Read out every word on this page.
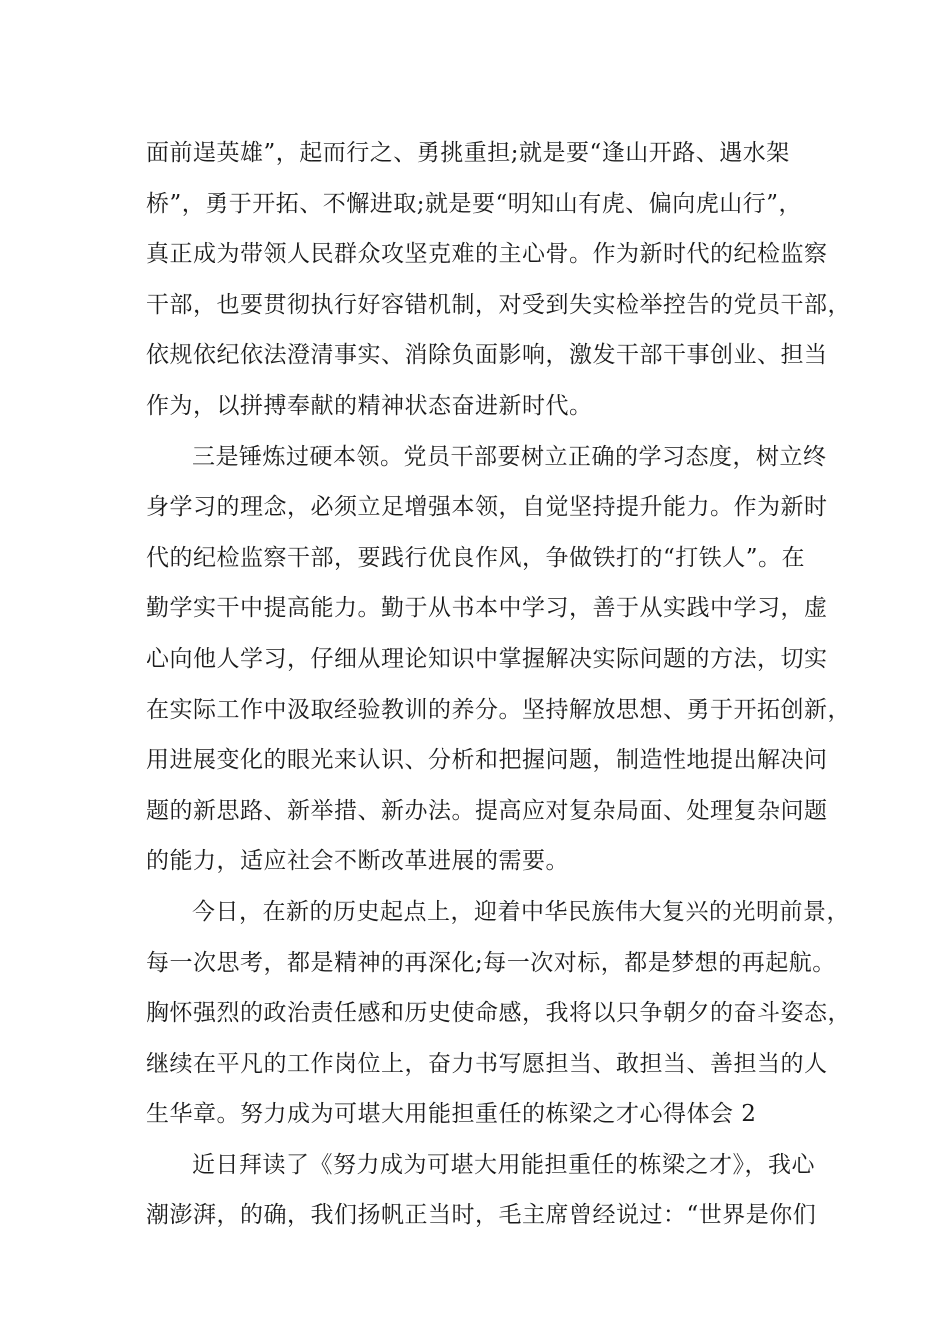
面前逞英雄”，起而行之、勇挑重担;就是要“逢山开路、遇水架
桥”，勇于开拓、不懈进取;就是要“明知山有虎、偏向虎山行”，
真正成为带领人民群众攻坚克难的主心骨。作为新时代的纪检监察
干部，也要贯彻执行好容错机制，对受到失实检举控告的党员干部，
依规依纪依法澄清事实、消除负面影响，激发干部干事创业、担当
作为，以拼搏奉献的精神状态奋进新时代。
三是锤炼过硬本领。党员干部要树立正确的学习态度，树立终
身学习的理念，必须立足增强本领，自觉坚持提升能力。作为新时
代的纪检监察干部，要践行优良作风，争做铁打的“打铁人”。在
勤学实干中提高能力。勤于从书本中学习，善于从实践中学习，虚
心向他人学习，仔细从理论知识中掌握解决实际问题的方法，切实
在实际工作中汲取经验教训的养分。坚持解放思想、勇于开拓创新，
用进展变化的眼光来认识、分析和把握问题，制造性地提出解决问
题的新思路、新举措、新办法。提高应对复杂局面、处理复杂问题
的能力，适应社会不断改革进展的需要。
今日，在新的历史起点上，迎着中华民族伟大复兴的光明前景，
每一次思考，都是精神的再深化;每一次对标，都是梦想的再起航。
胸怀强烈的政治责任感和历史使命感，我将以只争朝夕的奋斗姿态，
继续在平凡的工作岗位上，奋力书写愿担当、敢担当、善担当的人
生华章。努力成为可堪大用能担重任的栋梁之才心得体会 2
近日拜读了《努力成为可堪大用能担重任的栋梁之才》，我心
潮澎湃，的确，我们扬帆正当时，毛主席曾经说过：“世界是你们
